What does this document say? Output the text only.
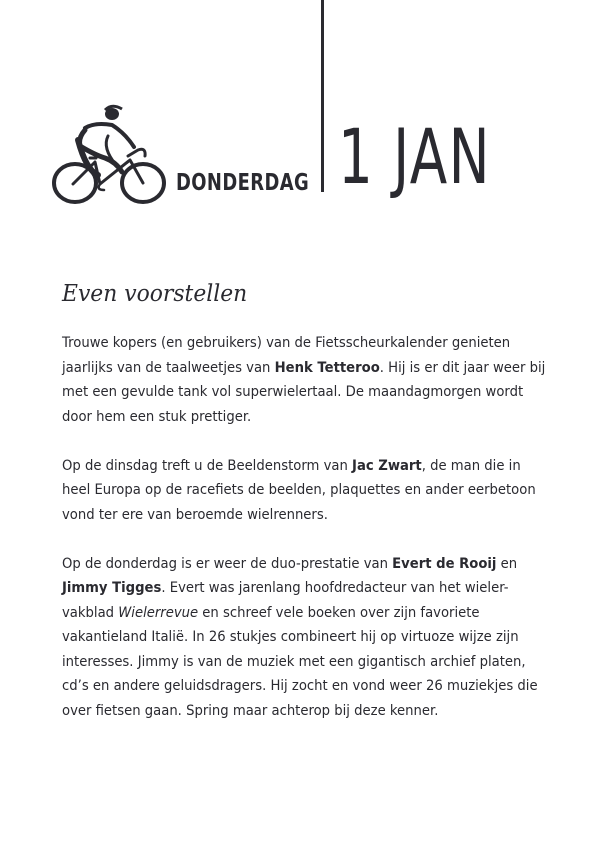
DONDERDAG 1 JAN
Even voorstellen
Trouwe kopers (en gebruikers) van de Fietsscheurkalender genieten
jaarlijks van de taalweetjes van Henk Tetteroo. Hij is er dit jaar weer bij
met een gevulde tank vol superwielertaal. De maandagmorgen wordt
door hem een stuk prettiger.
Op de dinsdag treft u de Beeldenstorm van Jac Zwart, de man die in
heel Europa op de racefiets de beelden, plaquettes en ander eerbetoon
vond ter ere van beroemde wielrenners.
Op de donderdag is er weer de duo-prestatie van Evert de Rooij en
Jimmy Tigges. Evert was jarenlang hoofdredacteur van het wieler-
vakblad Wielerrevue en schreef vele boeken over zijn favoriete
vakantieland Italië. In 26 stukjes combineert hij op virtuoze wijze zijn
interesses. Jimmy is van de muziek met een gigantisch archief platen,
cd’s en andere geluidsdragers. Hij zocht en vond weer 26 muziekjes die
over fietsen gaan. Spring maar achterop bij deze kenner.
